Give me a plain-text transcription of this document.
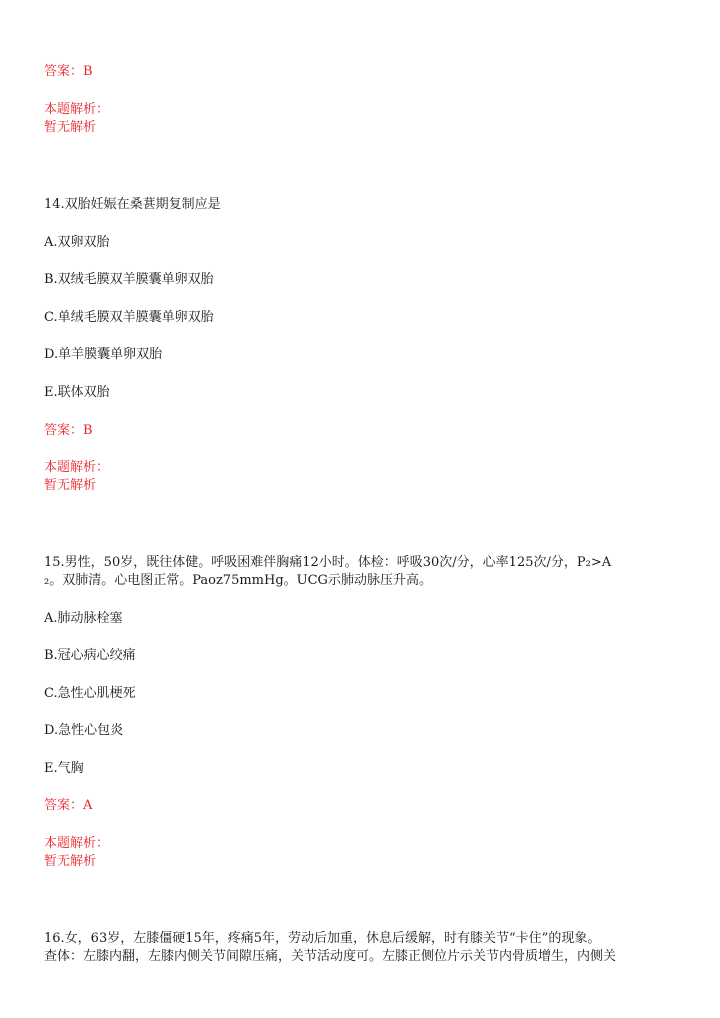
答案：B
本题解析：
暂无解析
14.双胎妊娠在桑葚期复制应是
A.双卵双胎
B.双绒毛膜双羊膜囊单卵双胎
C.单绒毛膜双羊膜囊单卵双胎
D.单羊膜囊单卵双胎
E.联体双胎
答案：B
本题解析：
暂无解析
15.男性，50岁，既往体健。呼吸困难伴胸痛12小时。体检：呼吸30次/分，心率125次/分，P₂>A
₂。双肺清。心电图正常。Paoz75mmHg。UCG示肺动脉压升高。
A.肺动脉栓塞
B.冠心病心绞痛
C.急性心肌梗死
D.急性心包炎
E.气胸
答案：A
本题解析：
暂无解析
16.女，63岁，左膝僵硬15年，疼痛5年，劳动后加重，休息后缓解，时有膝关节“卡住”的现象。
查体：左膝内翻，左膝内侧关节间隙压痛，关节活动度可。左膝正侧位片示关节内骨质增生，内侧关
